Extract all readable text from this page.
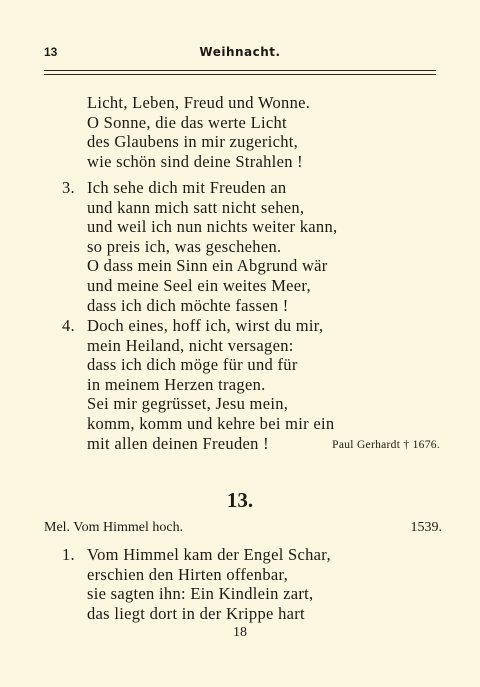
13	Weihnacht.
Licht, Leben, Freud und Wonne.
O Sonne, die das werte Licht
des Glaubens in mir zugericht,
wie schön sind deine Strahlen !
3. Ich sehe dich mit Freuden an
und kann mich satt nicht sehen,
und weil ich nun nichts weiter kann,
so preis ich, was geschehen.
O dass mein Sinn ein Abgrund wär
und meine Seel ein weites Meer,
dass ich dich möchte fassen !
4. Doch eines, hoff ich, wirst du mir,
mein Heiland, nicht versagen:
dass ich dich möge für und für
in meinem Herzen tragen.
Sei mir gegrüsset, Jesu mein,
komm, komm und kehre bei mir ein
mit allen deinen Freuden !	Paul Gerhardt † 1676.
13.
Mel. Vom Himmel hoch.	1539.
1. Vom Himmel kam der Engel Schar,
erschien den Hirten offenbar,
sie sagten ihn: Ein Kindlein zart,
das liegt dort in der Krippe hart
18
